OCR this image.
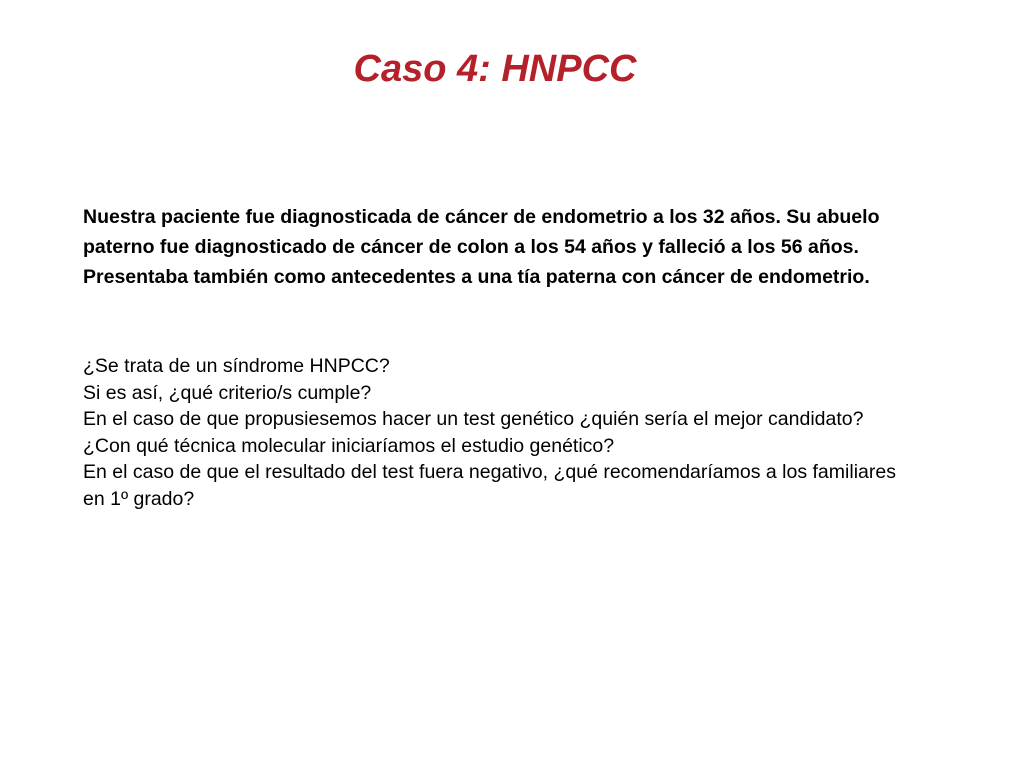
Caso 4: HNPCC

Nuestra paciente fue diagnosticada de cáncer de endometrio a los 32 años. Su abuelo paterno fue diagnosticado de cáncer de colon a los 54 años y falleció a los 56 años. Presentaba también como antecedentes a una tía paterna con cáncer de endometrio.

¿Se trata de un síndrome HNPCC?
Si es así, ¿qué criterio/s cumple?
En el caso de que propusiesemos hacer un test genético ¿quién sería el mejor candidato?
¿Con qué técnica molecular iniciaríamos el estudio genético?
En el caso de que el resultado del test fuera negativo, ¿qué recomendaríamos a los familiares en 1º grado?
